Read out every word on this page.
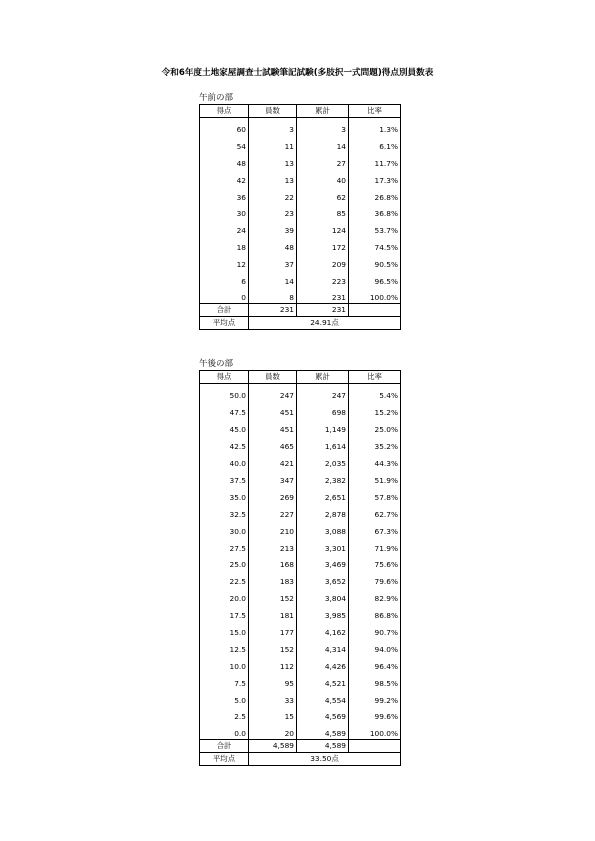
令和6年度土地家屋調査士試験筆記試験(多肢択一式問題)得点別員数表
午前の部
得点	員数	累計	比率
60	3	3	1.3%
54	11	14	6.1%
48	13	27	11.7%
42	13	40	17.3%
36	22	62	26.8%
30	23	85	36.8%
24	39	124	53.7%
18	48	172	74.5%
12	37	209	90.5%
6	14	223	96.5%
0	8	231	100.0%
合計	231	231	
平均点	24.91点		
午後の部
得点	員数	累計	比率
50.0	247	247	5.4%
47.5	451	698	15.2%
45.0	451	1,149	25.0%
42.5	465	1,614	35.2%
40.0	421	2,035	44.3%
37.5	347	2,382	51.9%
35.0	269	2,651	57.8%
32.5	227	2,878	62.7%
30.0	210	3,088	67.3%
27.5	213	3,301	71.9%
25.0	168	3,469	75.6%
22.5	183	3,652	79.6%
20.0	152	3,804	82.9%
17.5	181	3,985	86.8%
15.0	177	4,162	90.7%
12.5	152	4,314	94.0%
10.0	112	4,426	96.4%
7.5	95	4,521	98.5%
5.0	33	4,554	99.2%
2.5	15	4,569	99.6%
0.0	20	4,589	100.0%
合計	4,589	4,589	
平均点	33.50点		
